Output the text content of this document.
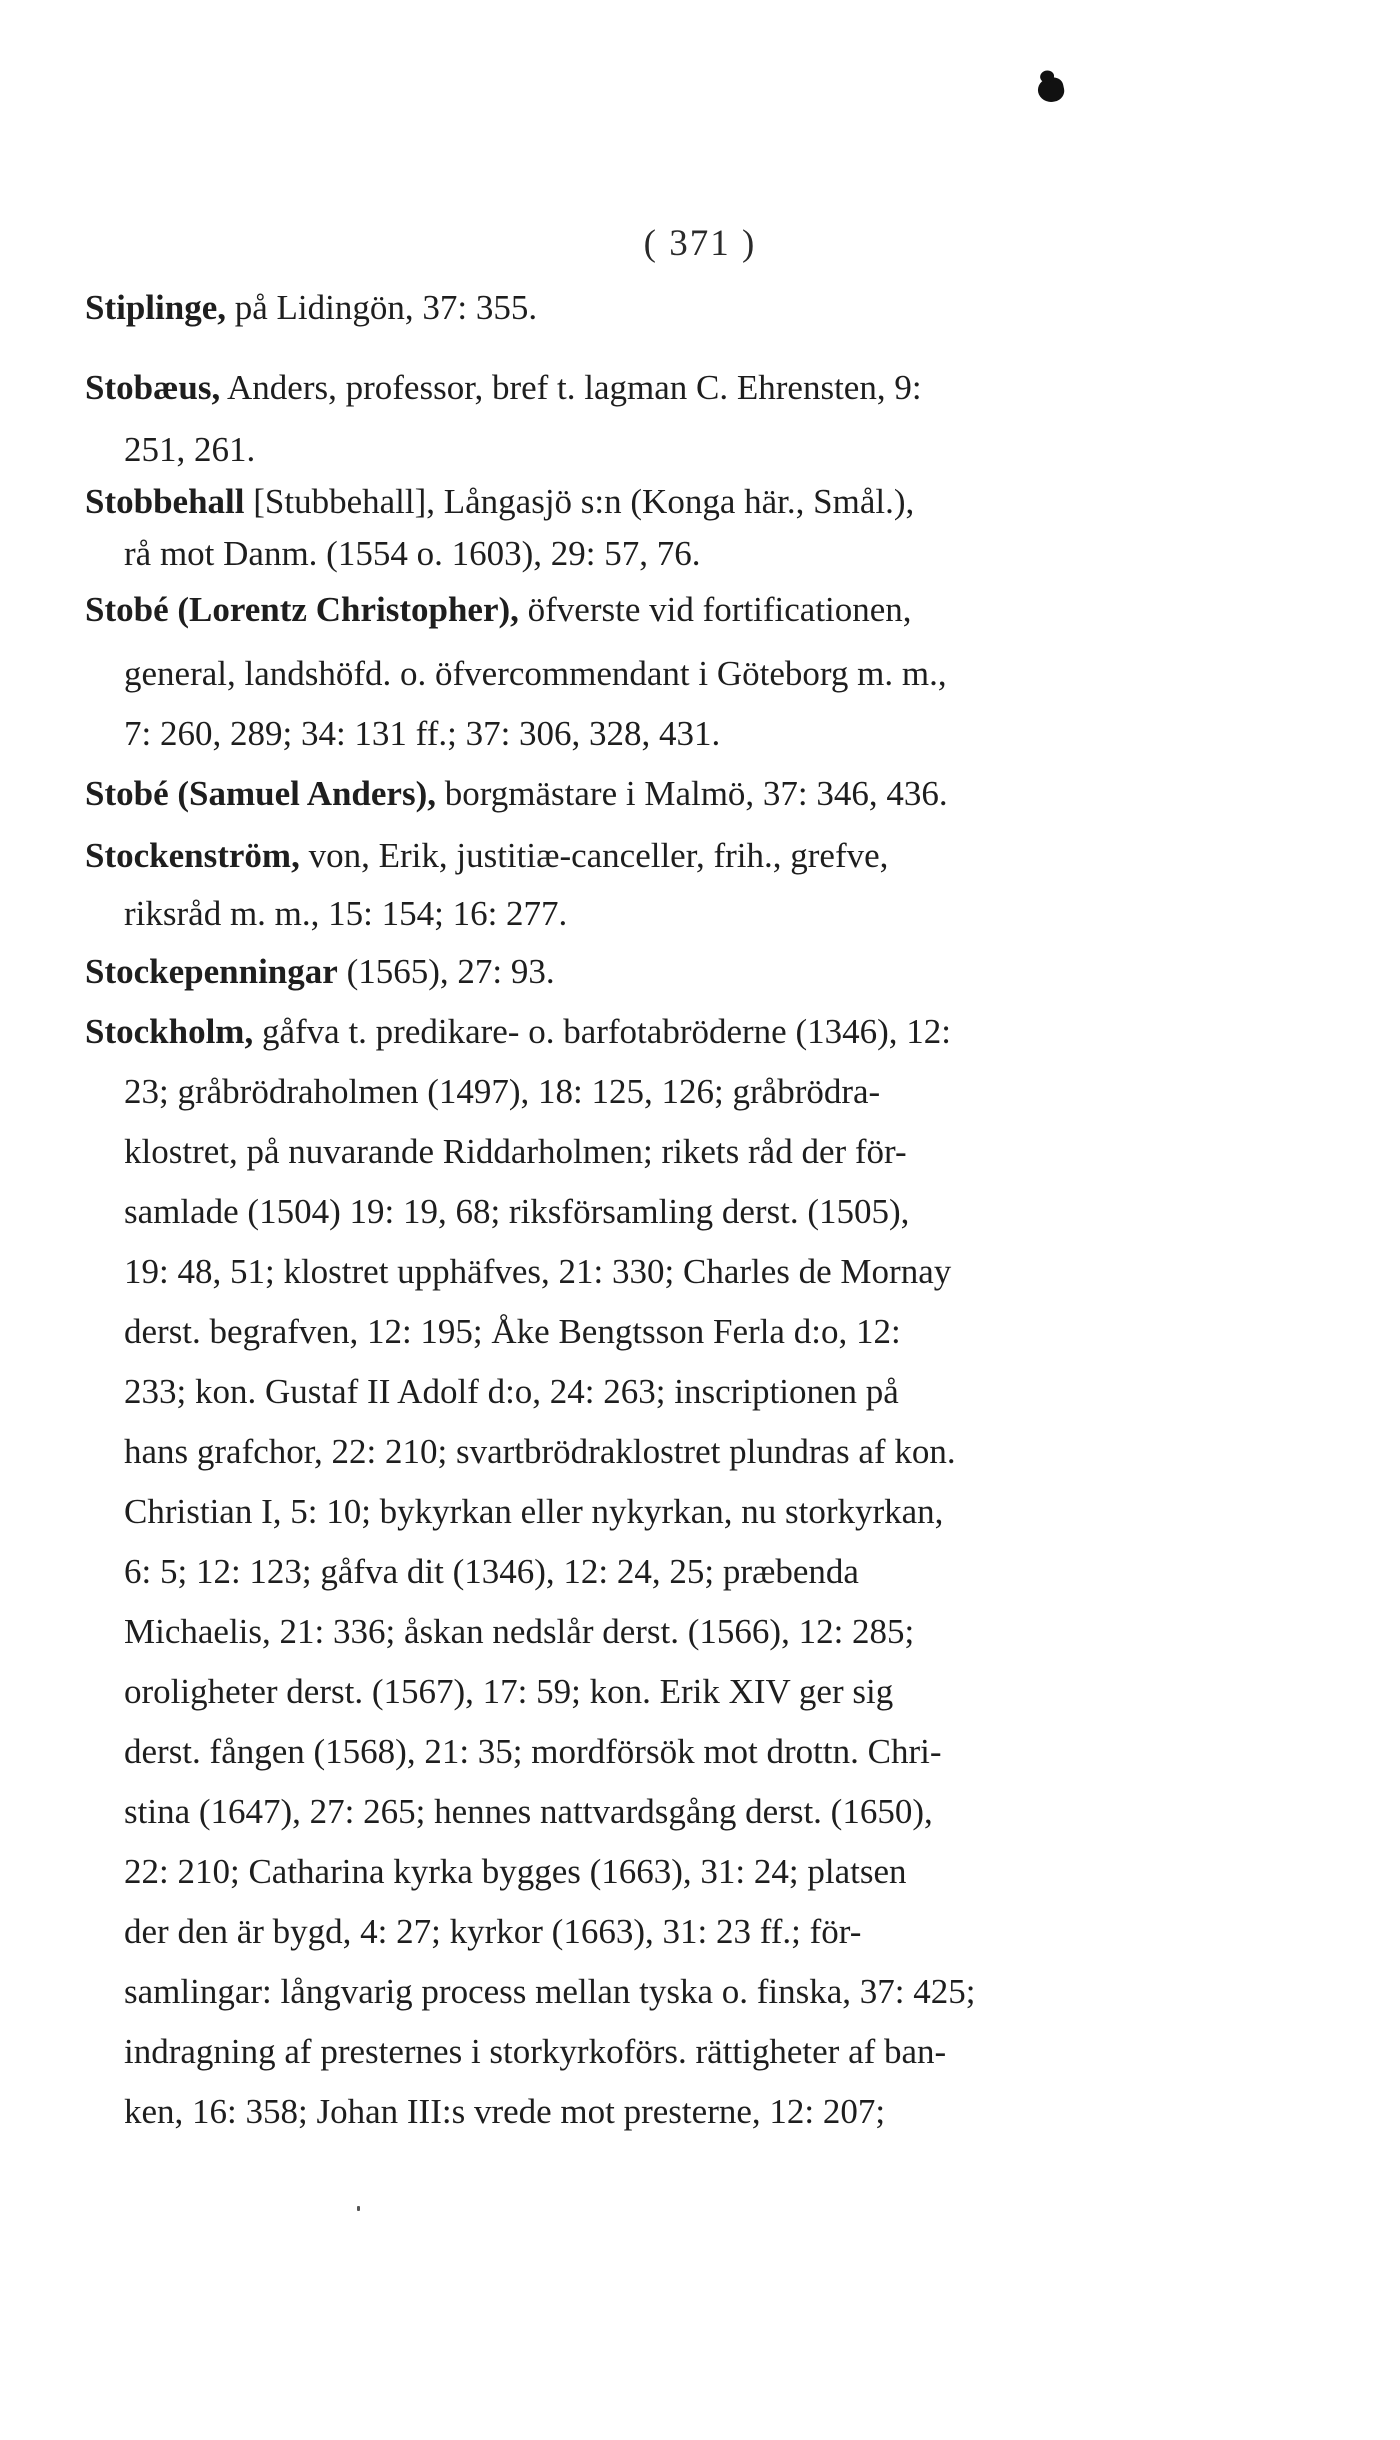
( 371 )
Stiplinge, på Lidingön, 37: 355.
Stobæus, Anders, professor, bref t. lagman C. Ehrensten, 9:
251, 261.
Stobbehall [Stubbehall], Långasjö s:n (Konga här., Smål.),
rå mot Danm. (1554 o. 1603), 29: 57, 76.
Stobé (Lorentz Christopher), öfverste vid fortificationen,
general, landshöfd. o. öfvercommendant i Göteborg m. m.,
7: 260, 289; 34: 131 ff.; 37: 306, 328, 431.
Stobé (Samuel Anders), borgmästare i Malmö, 37: 346, 436.
Stockenström, von, Erik, justitiæ-canceller, frih., grefve,
riksråd m. m., 15: 154; 16: 277.
Stockepenningar (1565), 27: 93.
Stockholm, gåfva t. predikare- o. barfotabröderne (1346), 12:
23; gråbrödraholmen (1497), 18: 125, 126; gråbrödra-
klostret, på nuvarande Riddarholmen; rikets råd der för-
samlade (1504) 19: 19, 68; riksförsamling derst. (1505),
19: 48, 51; klostret upphäfves, 21: 330; Charles de Mornay
derst. begrafven, 12: 195; Åke Bengtsson Ferla d:o, 12:
233; kon. Gustaf II Adolf d:o, 24: 263; inscriptionen på
hans grafchor, 22: 210; svartbrödraklostret plundras af kon.
Christian I, 5: 10; bykyrkan eller nykyrkan, nu storkyrkan,
6: 5; 12: 123; gåfva dit (1346), 12: 24, 25; præbenda
Michaelis, 21: 336; åskan nedslår derst. (1566), 12: 285;
oroligheter derst. (1567), 17: 59; kon. Erik XIV ger sig
derst. fången (1568), 21: 35; mordförsök mot drottn. Chri-
stina (1647), 27: 265; hennes nattvardsgång derst. (1650),
22: 210; Catharina kyrka bygges (1663), 31: 24; platsen
der den är bygd, 4: 27; kyrkor (1663), 31: 23 ff.; för-
samlingar: långvarig process mellan tyska o. finska, 37: 425;
indragning af presternes i storkyrkoförs. rättigheter af ban-
ken, 16: 358; Johan III:s vrede mot presterne, 12: 207;
